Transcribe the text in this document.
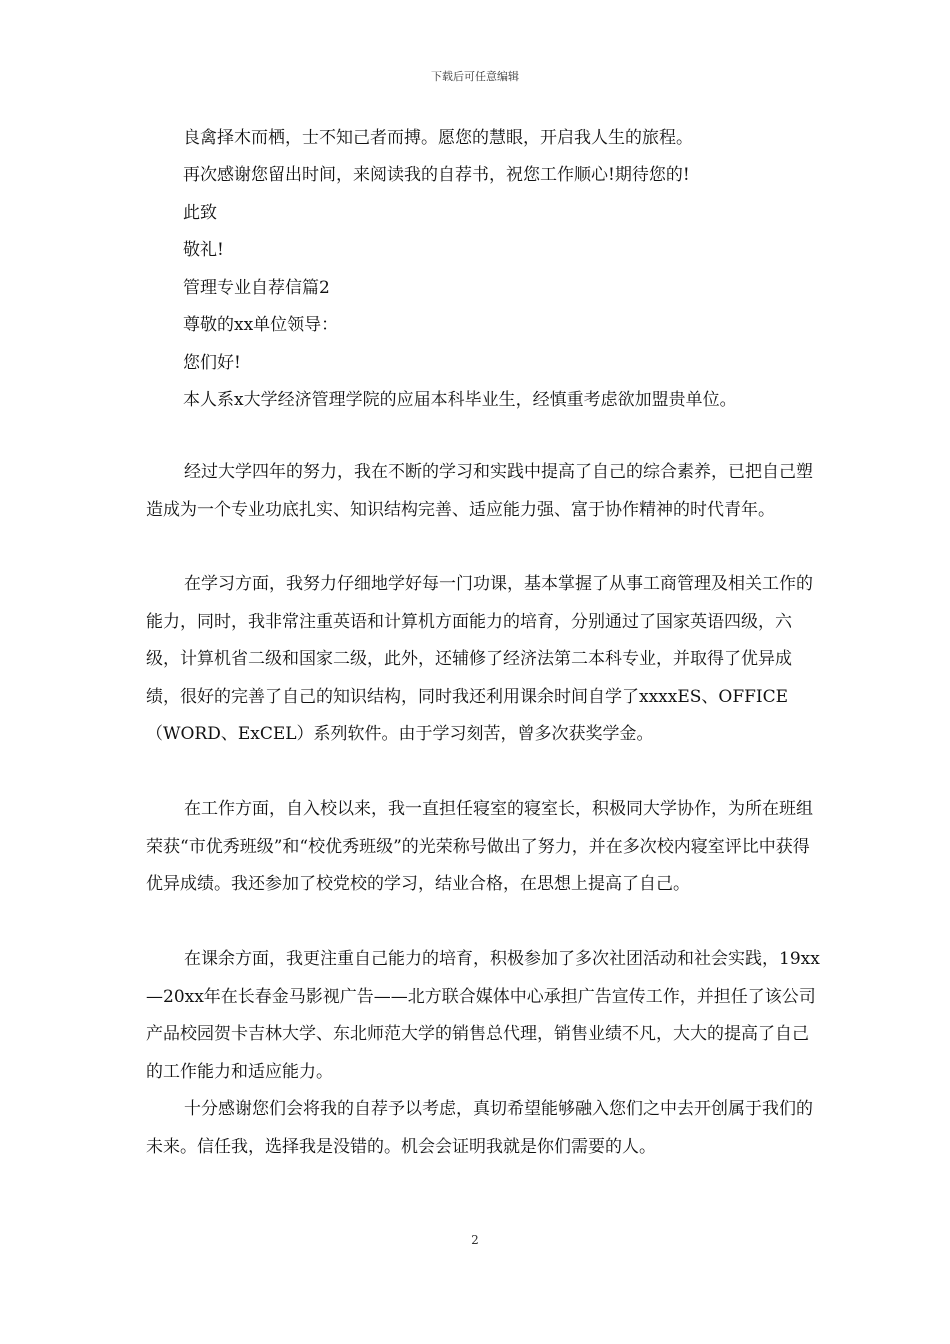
下载后可任意编辑
良禽择木而栖，士不知己者而搏。愿您的慧眼，开启我人生的旅程。
再次感谢您留出时间，来阅读我的自荐书，祝您工作顺心!期待您的!
此致
敬礼!
管理专业自荐信篇2
尊敬的xx单位领导：
您们好!
本人系x大学经济管理学院的应届本科毕业生，经慎重考虑欲加盟贵单位。
经过大学四年的努力，我在不断的学习和实践中提高了自己的综合素养，已把自己塑造成为一个专业功底扎实、知识结构完善、适应能力强、富于协作精神的时代青年。
在学习方面，我努力仔细地学好每一门功课，基本掌握了从事工商管理及相关工作的能力，同时，我非常注重英语和计算机方面能力的培育，分别通过了国家英语四级，六级，计算机省二级和国家二级，此外，还辅修了经济法第二本科专业，并取得了优异成绩，很好的完善了自己的知识结构，同时我还利用课余时间自学了xxxxES、OFFICE（WORD、ExCEL）系列软件。由于学习刻苦，曾多次获奖学金。
在工作方面，自入校以来，我一直担任寝室的寝室长，积极同大学协作，为所在班组荣获“市优秀班级”和“校优秀班级”的光荣称号做出了努力，并在多次校内寝室评比中获得优异成绩。我还参加了校党校的学习，结业合格，在思想上提高了自己。
在课余方面，我更注重自己能力的培育，积极参加了多次社团活动和社会实践，19xx—20xx年在长春金马影视广告——北方联合媒体中心承担广告宣传工作，并担任了该公司产品校园贺卡吉林大学、东北师范大学的销售总代理，销售业绩不凡，大大的提高了自己的工作能力和适应能力。
十分感谢您们会将我的自荐予以考虑，真切希望能够融入您们之中去开创属于我们的未来。信任我，选择我是没错的。机会会证明我就是你们需要的人。
2
